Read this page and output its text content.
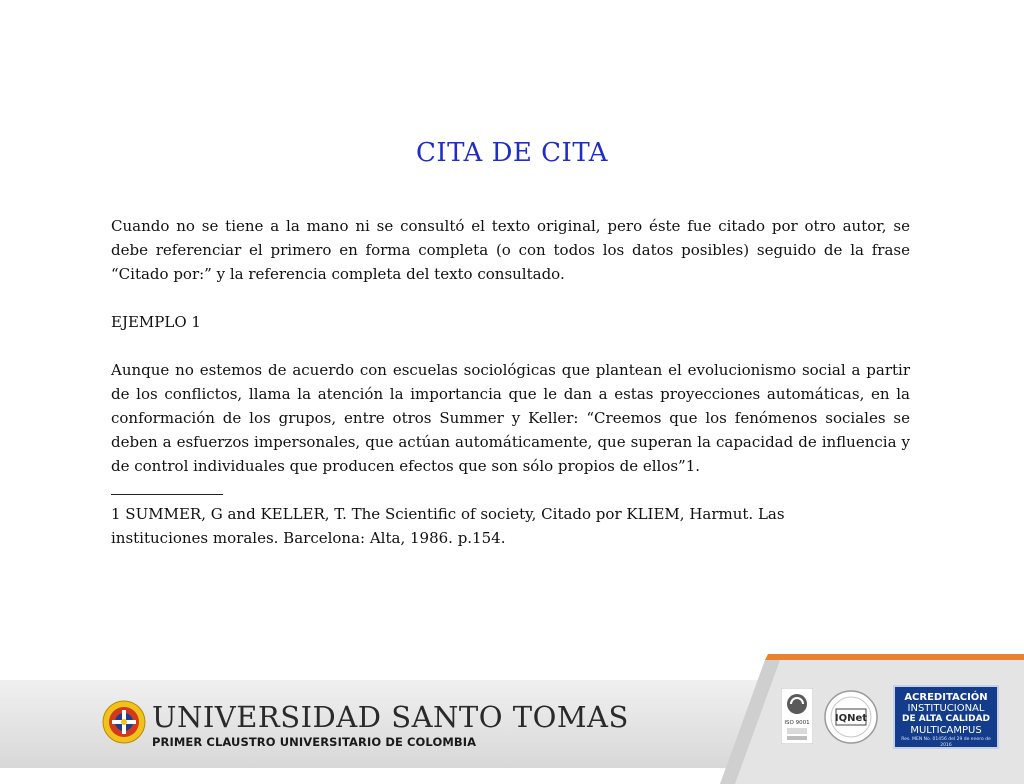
CITA DE CITA
Cuando no se tiene a la mano ni se consultó el texto original, pero éste fue citado por otro autor, se debe referenciar el primero en forma completa (o con todos los datos posibles) seguido de la frase “Citado por:” y la referencia completa del texto consultado.
EJEMPLO 1
Aunque no estemos de acuerdo con escuelas sociológicas que plantean el evolucionismo social a partir de los conflictos, llama la atención la importancia que le dan a estas proyecciones automáticas, en la conformación de los grupos, entre otros Summer y Keller: “Creemos que los fenómenos sociales se deben a esfuerzos impersonales, que actúan automáticamente, que superan la capacidad de influencia y de control individuales que producen efectos que son sólo propios de ellos”1.
1 SUMMER, G and KELLER, T. The Scientific of society, Citado por KLIEM, Harmut. Las instituciones morales. Barcelona: Alta, 1986. p.154.
UNIVERSIDAD SANTO TOMAS
PRIMER CLAUSTRO UNIVERSITARIO DE COLOMBIA
ISO 9001	IQNet
ACREDITACIÓN
INSTITUCIONAL
DE ALTA CALIDAD
MULTICAMPUS
Res. MEN No. 01456 del 29 de enero de 2016
